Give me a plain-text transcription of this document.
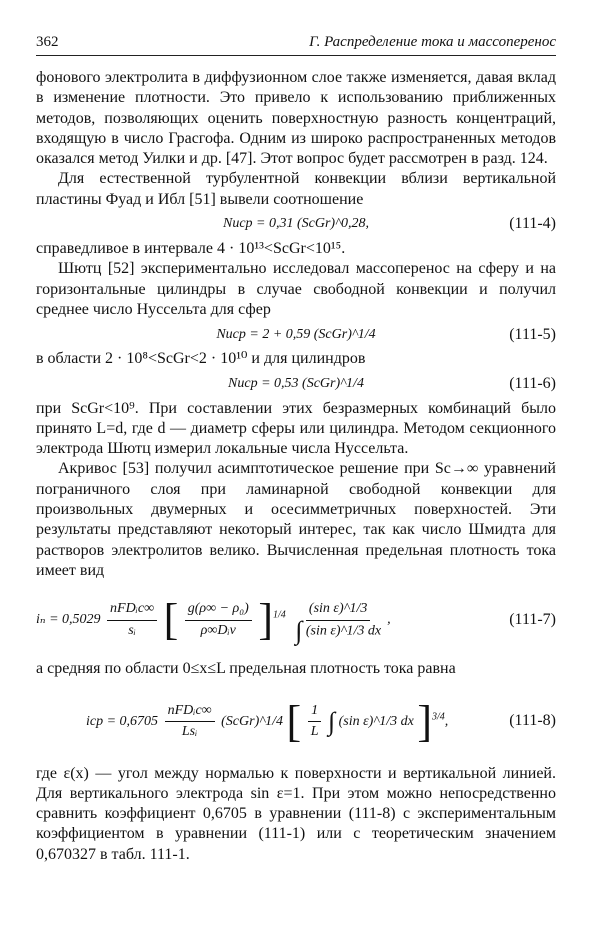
362	Г. Распределение тока и массоперенос

фонового электролита в диффузионном слое также изменяется, давая вклад в изменение плотности. Это привело к использованию приближенных методов, позволяющих оценить поверхностную разность концентраций, входящую в число Грасгофа. Одним из широко распространенных методов оказался метод Уилки и др. [47]. Этот вопрос будет рассмотрен в разд. 124.

Для естественной турбулентной конвекции вблизи вертикальной пластины Фуад и Ибл [51] вывели соотношение

Nuср = 0,31 (ScGr)^0,28,	(111-4)

справедливое в интервале 4 · 10¹³<ScGr<10¹⁵.

Шютц [52] экспериментально исследовал массоперенос на сферу и на горизонтальные цилиндры в случае свободной конвекции и получил среднее число Нуссельта для сфер

Nuср = 2 + 0,59 (ScGr)^1/4	(111-5)

в области 2 · 10⁸<ScGr<2 · 10¹⁰ и для цилиндров

Nuср = 0,53 (ScGr)^1/4	(111-6)

при ScGr<10⁹. При составлении этих безразмерных комбинаций было принято L=d, где d — диаметр сферы или цилиндра. Методом секционного электрода Шютц измерил локальные числа Нуссельта.

Акривос [53] получил асимптотическое решение при Sc→∞ уравнений пограничного слоя при ламинарной свободной конвекции для произвольных двумерных и осесимметричных поверхностей. Эти результаты представляют некоторый интерес, так как число Шмидта для растворов электролитов велико. Вычисленная предельная плотность тока имеет вид

$i_n = 0,5029 \frac{\text{nFDᵢc∞}}{\text{sᵢ}}$ [ $\frac{\text{g(ρ∞ − ρ₀)}}{\text{ρ∞Dᵢν}} ]^{1/4} \frac{\text{(sin ε)\textasciicircum{}1/3}}{\text{∫ (sin ε)\textasciicircum{}1/3 dx}}$ ,	(111-7)

а средняя по области 0≤x≤L предельная плотность тока равна

iср = $0,6705 \frac{\text{nFDᵢc∞}}{\text{Lsᵢ}}$ (ScGr)^1/4 [ $\frac{1}{L}$ ∫ (sin ε)^1/3 dx ]$^{3/4}$,	(111-8)

где ε(x) — угол между нормалью к поверхности и вертикальной линией. Для вертикального электрода sin ε=1. При этом можно непосредственно сравнить коэффициент 0,6705 в уравнении (111-8) с экспериментальным коэффициентом в уравнении (111-1) или с теоретическим значением 0,670327 в табл. 111-1.
